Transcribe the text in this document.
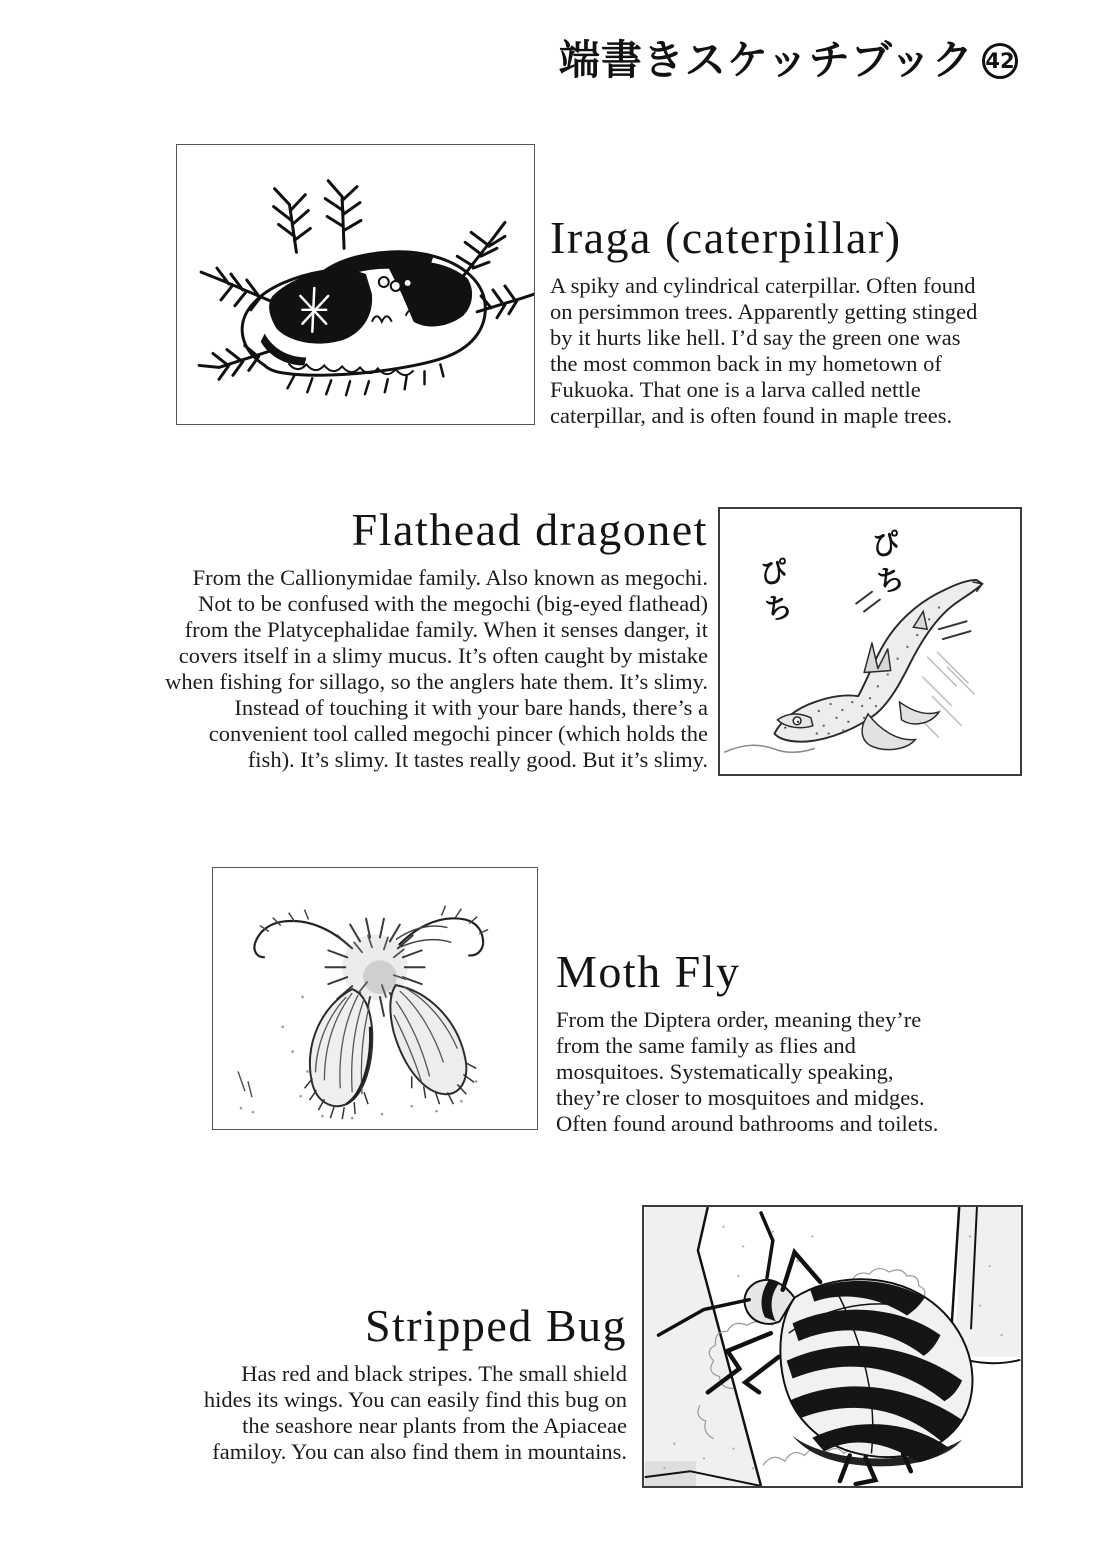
端書きスケッチブック 42
Iraga (caterpillar)
A spiky and cylindrical caterpillar. Often found
on persimmon trees. Apparently getting stinged
by it hurts like hell. I’d say the green one was
the most common back in my hometown of
Fukuoka. That one is a larva called nettle
caterpillar, and is often found in maple trees.
Flathead dragonet
From the Callionymidae family. Also known as megochi.
Not to be confused with the megochi (big-eyed flathead)
from the Platycephalidae family. When it senses danger, it
covers itself in a slimy mucus. It’s often caught by mistake
when fishing for sillago, so the anglers hate them. It’s slimy.
Instead of touching it with your bare hands, there’s a
convenient tool called megochi pincer (which holds the
fish). It’s slimy. It tastes really good. But it’s slimy.
ぴち ぴち
Moth Fly
From the Diptera order, meaning they’re
from the same family as flies and
mosquitoes. Systematically speaking,
they’re closer to mosquitoes and midges.
Often found around bathrooms and toilets.
Stripped Bug
Has red and black stripes. The small shield
hides its wings. You can easily find this bug on
the seashore near plants from the Apiaceae
familoy. You can also find them in mountains.
